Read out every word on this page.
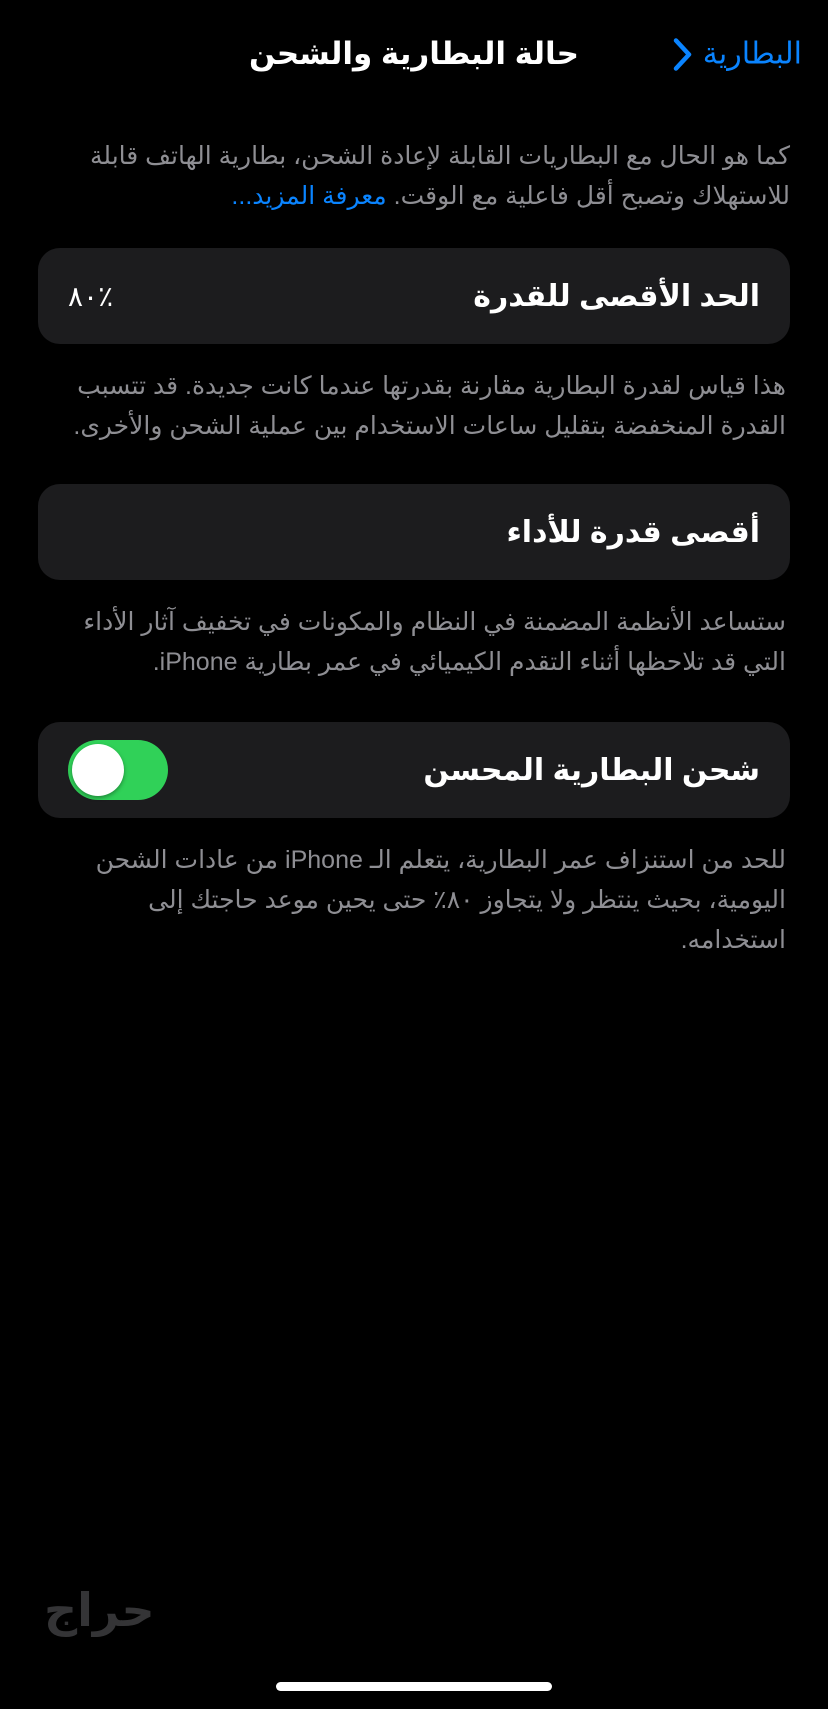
حالة البطارية والشحن	البطارية
كما هو الحال مع البطاريات القابلة لإعادة الشحن، بطارية الهاتف قابلة للاستهلاك وتصبح أقل فاعلية مع الوقت. معرفة المزيد...
الحد الأقصى للقدرة
٨٠٪
هذا قياس لقدرة البطارية مقارنة بقدرتها عندما كانت جديدة. قد تتسبب القدرة المنخفضة بتقليل ساعات الاستخدام بين عملية الشحن والأخرى.
أقصى قدرة للأداء
ستساعد الأنظمة المضمنة في النظام والمكونات في تخفيف آثار الأداء التي قد تلاحظها أثناء التقدم الكيميائي في عمر بطارية iPhone.
شحن البطارية المحسن
للحد من استنزاف عمر البطارية، يتعلم الـ iPhone من عادات الشحن اليومية، بحيث ينتظر ولا يتجاوز ٨٠٪ حتى يحين موعد حاجتك إلى استخدامه.
حراج
